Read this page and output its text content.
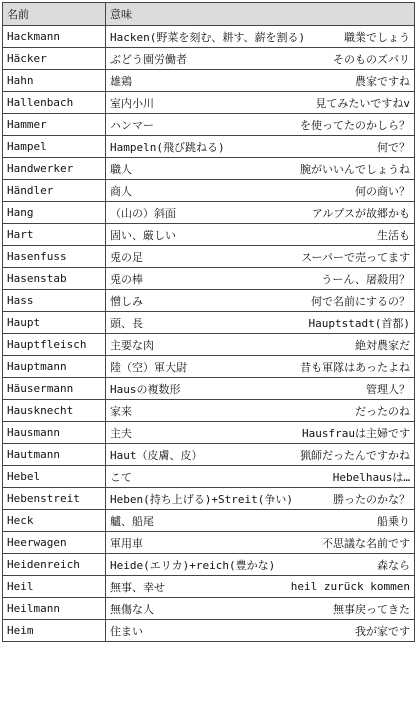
名前	意味
Hackmann	Hacken(野菜を刻む、耕す、薪を割る) 職業でしょう

Häcker	ぶどう園労働者 そのものズバリ

Hahn	雄鶏 農家ですね

Hallenbach	室内小川 見てみたいですねv

Hammer	ハンマー を使ってたのかしら？

Hampel	Hampeln(飛び跳ねる) 何で？

Handwerker	職人 腕がいいんでしょうね

Händler	商人 何の商い？

Hang	（山の）斜面 アルプスが故郷かも

Hart	固い、厳しい 生活も

Hasenfuss	兎の足 スーパーで売ってます

Hasenstab	兎の棒 うーん、屠殺用？

Hass	憎しみ 何で名前にするの？

Haupt	頭、長 Hauptstadt(首都)

Hauptfleisch	主要な肉 絶対農家だ

Hauptmann	陸（空）軍大尉 昔も軍隊はあったよね

Häusermann	Hausの複数形 管理人？

Hausknecht	家来 だったのね

Hausmann	主夫 Hausfrauは主婦です

Hautmann	Haut（皮膚、皮） 猟師だったんですかね

Hebel	こて Hebelhausは…

Hebenstreit	Heben(持ち上げる)+Streit(争い) 勝ったのかな？

Heck	艫、船尾 船乗り

Heerwagen	軍用車 不思議な名前です

Heidenreich	Heide(エリカ)+reich(豊かな) 森なら

Heil	無事、幸せ heil zurück kommen

Heilmann	無傷な人 無事戻ってきた

Heim	住まい 我が家です
